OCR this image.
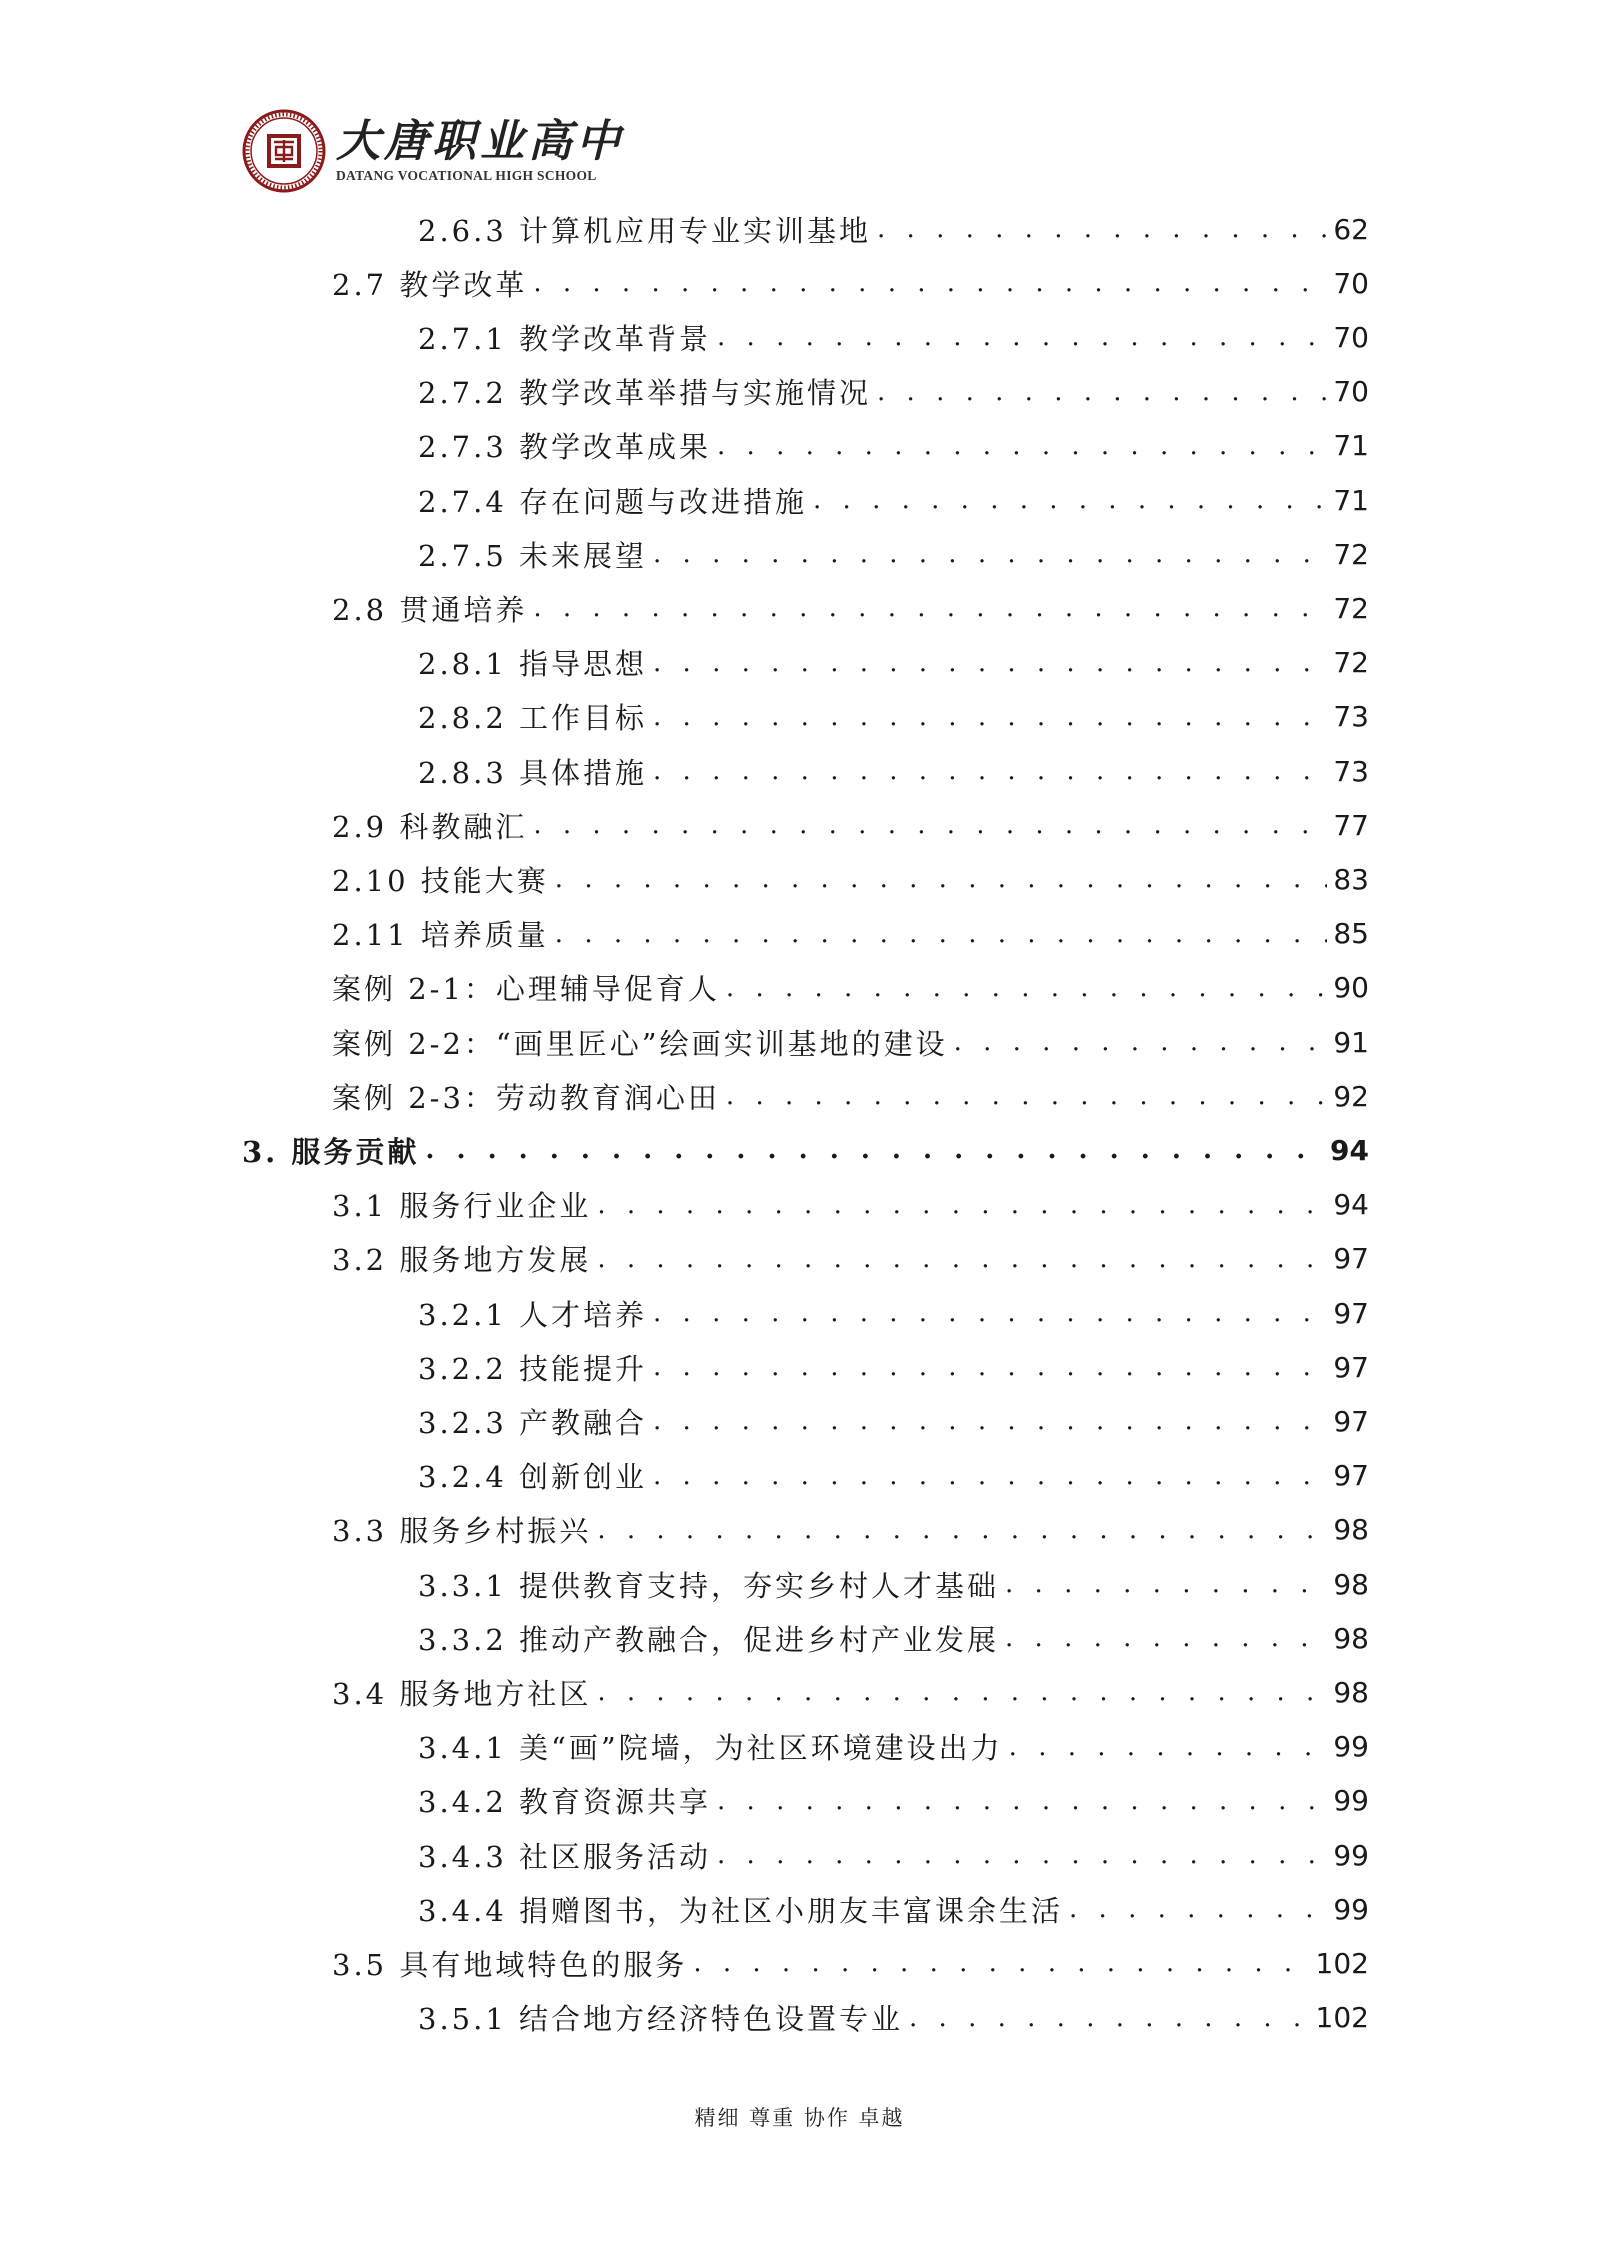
大唐职业高中
DATANG VOCATIONAL HIGH SCHOOL
2.6.3 计算机应用专业实训基地 . . .	62
2.7 教学改革 . . .	70
2.7.1 教学改革背景 . . .	70
2.7.2 教学改革举措与实施情况 . . .	70
2.7.3 教学改革成果 . . .	71
2.7.4 存在问题与改进措施 . . .	71
2.7.5 未来展望 . . .	72
2.8 贯通培养 . . .	72
2.8.1 指导思想 . . .	72
2.8.2 工作目标 . . .	73
2.8.3 具体措施 . . .	73
2.9 科教融汇 . . .	77
2.10 技能大赛 . . .	83
2.11 培养质量 . . .	85
案例 2-1：心理辅导促育人 . . .	90
案例 2-2：“画里匠心”绘画实训基地的建设 . . .	91
案例 2-3：劳动教育润心田 . . .	92
3. 服务贡献 . . .	94
3.1 服务行业企业 . . .	94
3.2 服务地方发展 . . .	97
3.2.1 人才培养 . . .	97
3.2.2 技能提升 . . .	97
3.2.3 产教融合 . . .	97
3.2.4 创新创业 . . .	97
3.3 服务乡村振兴 . . .	98
3.3.1 提供教育支持，夯实乡村人才基础 . . .	98
3.3.2 推动产教融合，促进乡村产业发展 . . .	98
3.4 服务地方社区 . . .	98
3.4.1 美“画”院墙，为社区环境建设出力 . . .	99
3.4.2 教育资源共享 . . .	99
3.4.3 社区服务活动 . . .	99
3.4.4 捐赠图书，为社区小朋友丰富课余生活 . . .	99
3.5 具有地域特色的服务 . . .	102
3.5.1 结合地方经济特色设置专业 . . .	102
精细 尊重 协作 卓越
